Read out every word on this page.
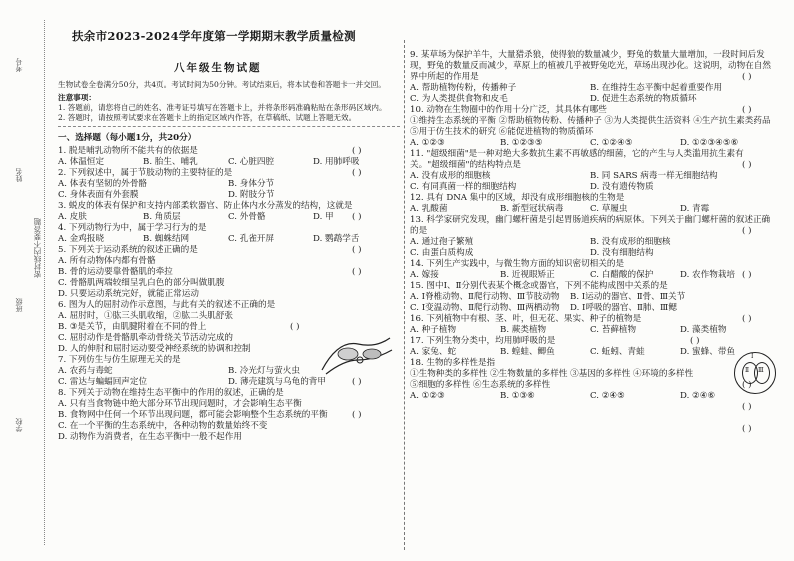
考号
姓名
班级
学校
密封线内不要答题
扶余市2023-2024学年度第一学期期末教学质量检测
八年级生物试题
生物试卷全卷满分50分，共4页。考试时间为50分钟。考试结束后，将本试卷和答题卡一并交回。
注意事项：
1. 答题前，请您将自己的姓名、准考证号填写在答题卡上，并将条形码准确粘贴在条形码区域内。
2. 答题时，请按照考试要求在答题卡上的指定区域内作答，在草稿纸、试题上答题无效。
一、选择题（每小题1分，共20分）
1. 脱是哺乳动物所不能共有的依据是
A. 体温恒定	B. 胎生、哺乳	C. 心脏四腔	D. 用肺呼吸
2. 下列叙述中，属于节肢动物的主要特征的是
A. 体表有坚韧的外骨骼	B. 身体分节
C. 身体表面有外套膜	D. 附肢分节
3. 蜕皮的体表有保护和支持内部柔软器官、防止体内水分蒸发的结构，这就是
A. 皮肤	B. 角质层	C. 外骨骼	D. 甲
4. 下列动物行为中，属于学习行为的是
A. 金鸡报晓	B. 蜘蛛结网	C. 孔雀开屏	D. 鹦鹉学舌
5. 下列关于运动系统的叙述正确的是
A. 所有动物体内都有骨骼
B. 骨的运动要靠骨骼肌的牵拉
C. 骨骼肌两端较细呈乳白色的部分叫做肌腹
D. 只要运动系统完好，就能正常运动
6. 图为人的屈肘动作示意图，与此有关的叙述不正确的是
A. 屈肘时，①肱三头肌收缩，②肱二头肌舒张
B. ③是关节，由肌腱附着在不同的骨上
C. 屈肘动作是骨骼肌牵动骨绕关节活动完成的
D. 人的伸肘和屈肘运动要受神经系统的协调和控制
7. 下列仿生与仿生原理无关的是
A. 农药与毒蛇	B. 冷光灯与萤火虫
C. 雷达与蝙蝠回声定位	D. 薄壳建筑与乌龟的背甲
8. 下列关于动物在维持生态平衡中的作用的叙述，正确的是
A. 只有当食物链中绝大部分环节出现问题时，才会影响生态平衡
B. 食物网中任何一个环节出现问题，都可能会影响整个生态系统的平衡
C. 在一个平衡的生态系统中，各种动物的数量始终不变
D. 动物作为消费者，在生态平衡中一般不起作用
( )
( )
( )
( )
( )
( )
( )
( )
9. 某草场为保护羊牛，大量猎杀狼，使得狼的数量减少，野兔的数量大量增加，一段时间后发现，野兔的数量反而减少，草原上的植被几乎被野兔吃光，草场出现沙化。这说明，动物在自然界中所起的作用是
A. 帮助植物传粉，传播种子	B. 在维持生态平衡中起着重要作用
C. 为人类提供食物和皮毛	D. 促进生态系统的物质循环
10. 动物在生物圈中的作用十分广泛，其具体有哪些
①维持生态系统的平衡 ②帮助植物传粉、传播种子 ③为人类提供生活资料 ④生产抗生素类药品 ⑤用于仿生技术的研究 ⑥能促进植物的物质循环
A. ①②③	B. ①②③⑤	C. ①②④⑤	D. ①②③④⑤⑥
11. "超级细菌"是一种对绝大多数抗生素不再敏感的细菌，它的产生与人类滥用抗生素有关。"超级细菌"的结构特点是
A. 没有成形的细胞核	B. 同 SARS 病毒一样无细胞结构
C. 有同真菌一样的细胞结构	D. 没有遗传物质
12. 具有 DNA 集中的区域，却没有成形细胞核的生物是
A. 乳酸菌	B. 新型冠状病毒	C. 草履虫	D. 青霉
13. 科学家研究发现，幽门螺杆菌是引起胃肠道疾病的病原体。下列关于幽门螺杆菌的叙述正确的是
A. 通过孢子繁殖	B. 没有成形的细胞核
C. 由蛋白质构成	D. 没有细胞结构
14. 下列生产实践中，与微生物方面的知识密切相关的是
A. 嫁接	B. 近视眼矫正	C. 白醋酸的保护	D. 农作物栽培
15. 图中Ⅰ、Ⅱ分别代表某个概念或器官，下列不能构成图中关系的是
A. Ⅰ脊椎动物、Ⅱ爬行动物、Ⅲ节肢动物	B. Ⅰ运动的器官、Ⅱ骨、Ⅲ关节
C. Ⅰ变温动物、Ⅱ爬行动物、Ⅲ两栖动物	D. Ⅰ呼吸的器官、Ⅱ肺、Ⅲ鳃
16. 下列植物中有根、茎、叶，但无花、果实、种子的植物是
A. 种子植物	B. 蕨类植物	C. 苔藓植物	D. 藻类植物
17. 下列生物分类中，均用肺呼吸的是
A. 家兔、蛇	B. 蝗蛙、鲫鱼	C. 蚯蚓、青蛙	D. 蜜蜂、带鱼
18. 生物的多样性是指
①生物种类的多样性 ②生物数量的多样性 ③基因的多样性 ④环境的多样性
⑤细胞的多样性 ⑥生态系统的多样性
A. ①②③	B. ①③⑥	C. ②④⑤	D. ②④⑥
( )
( )
( )
( )
( )
( )
( )
( )
( )
( )
Ⅰ
Ⅱ Ⅲ
